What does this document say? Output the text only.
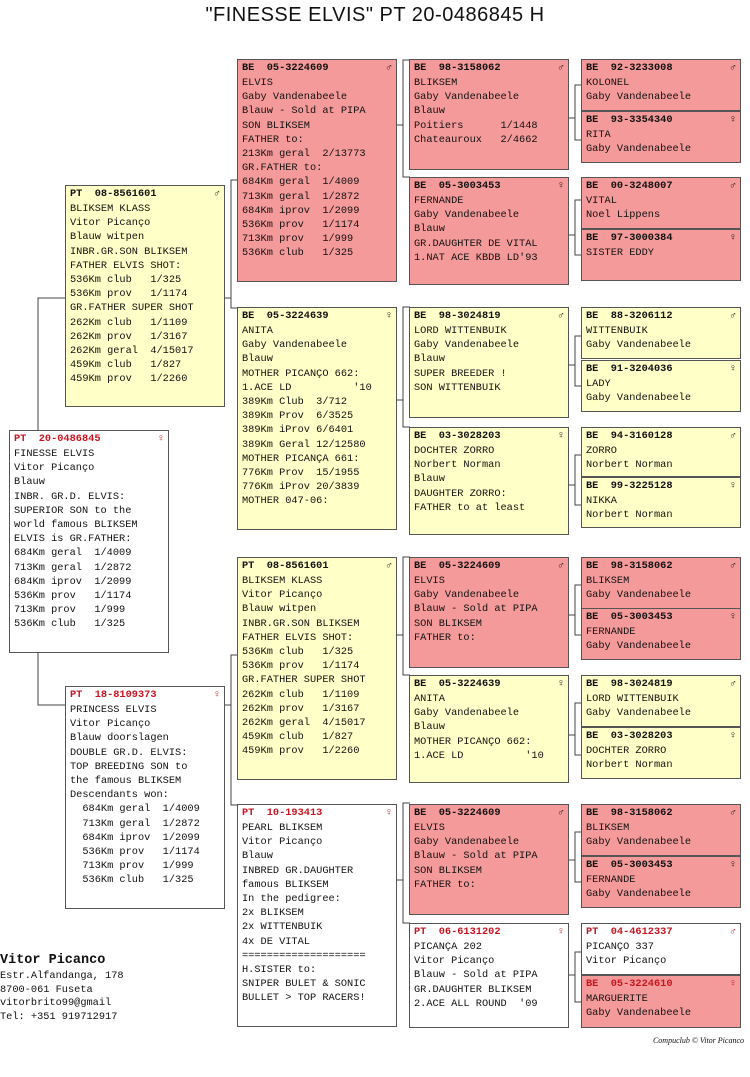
"FINESSE ELVIS" PT 20-0486845 H
PT  20-0486845	♀
FINESSE ELVIS
Vitor Picanço
Blauw
INBR. GR.D. ELVIS:
SUPERIOR SON to the
world famous BLIKSEM
ELVIS is GR.FATHER:
684Km geral  1/4009
713Km geral  1/2872
684Km iprov  1/2099
536Km prov   1/1174
713Km prov   1/999
536Km club   1/325
PT  08-8561601	♂
BLIKSEM KLASS
Vitor Picanço
Blauw witpen
INBR.GR.SON BLIKSEM
FATHER ELVIS SHOT:
536Km club   1/325
536Km prov   1/1174
GR.FATHER SUPER SHOT
262Km club   1/1109
262Km prov   1/3167
262Km geral  4/15017
459Km club   1/827
459Km prov   1/2260
PT  18-8109373	♀
PRINCESS ELVIS
Vitor Picanço
Blauw doorslagen
DOUBLE GR.D. ELVIS:
TOP BREEDING SON to
the famous BLIKSEM
Descendants won:
684Km geral  1/4009
713Km geral  1/2872
684Km iprov  1/2099
536Km prov   1/1174
713Km prov   1/999
536Km club   1/325
BE  05-3224609	♂
ELVIS
Gaby Vandenabeele
Blauw - Sold at PIPA
SON BLIKSEM
FATHER to:
213Km geral  2/13773
GR.FATHER to:
684Km geral  1/4009
713Km geral  1/2872
684Km iprov  1/2099
536Km prov   1/1174
713Km prov   1/999
536Km club   1/325
BE  05-3224639	♀
ANITA
Gaby Vandenabeele
Blauw
MOTHER PICANÇO 662:
1.ACE LD          '10
389Km Club  3/712
389Km Prov  6/3525
389Km iProv 6/6401
389Km Geral 12/12580
MOTHER PICANÇA 661:
776Km Prov  15/1955
776Km iProv 20/3839
MOTHER 047-06:
PT  08-8561601	♂
BLIKSEM KLASS
Vitor Picanço
Blauw witpen
INBR.GR.SON BLIKSEM
FATHER ELVIS SHOT:
536Km club   1/325
536Km prov   1/1174
GR.FATHER SUPER SHOT
262Km club   1/1109
262Km prov   1/3167
262Km geral  4/15017
459Km club   1/827
459Km prov   1/2260
PT  10-193413	♀
PEARL BLIKSEM
Vitor Picanço
Blauw
INBRED GR.DAUGHTER
famous BLIKSEM
In the pedigree:
2x BLIKSEM
2x WITTENBUIK
4x DE VITAL
====================
H.SISTER to:
SNIPER BULET & SONIC
BULLET > TOP RACERS!
BE  98-3158062	♂
BLIKSEM
Gaby Vandenabeele
Blauw
Poitiers      1/1448
Chateauroux   2/4662
BE  05-3003453	♀
FERNANDE
Gaby Vandenabeele
Blauw
GR.DAUGHTER DE VITAL
1.NAT ACE KBDB LD'93
BE  98-3024819	♂
LORD WITTENBUIK
Gaby Vandenabeele
Blauw
SUPER BREEDER !
SON WITTENBUIK
BE  03-3028203	♀
DOCHTER ZORRO
Norbert Norman
Blauw
DAUGHTER ZORRO:
FATHER to at least
BE  05-3224609	♂
ELVIS
Gaby Vandenabeele
Blauw - Sold at PIPA
SON BLIKSEM
FATHER to:
BE  05-3224639	♀
ANITA
Gaby Vandenabeele
Blauw
MOTHER PICANÇO 662:
1.ACE LD          '10
BE  05-3224609	♂
ELVIS
Gaby Vandenabeele
Blauw - Sold at PIPA
SON BLIKSEM
FATHER to:
PT  06-6131202	♀
PICANÇA 202
Vitor Picanço
Blauw - Sold at PIPA
GR.DAUGHTER BLIKSEM
2.ACE ALL ROUND  '09
BE  92-3233008	♂
KOLONEL
Gaby Vandenabeele
BE  93-3354340	♀
RITA
Gaby Vandenabeele
BE  00-3248007	♂
VITAL
Noel Lippens
BE  97-3000384	♀
SISTER EDDY
BE  88-3206112	♂
WITTENBUIK
Gaby Vandenabeele
BE  91-3204036	♀
LADY
Gaby Vandenabeele
BE  94-3160128	♂
ZORRO
Norbert Norman
BE  99-3225128	♀
NIKKA
Norbert Norman
BE  98-3158062	♂
BLIKSEM
Gaby Vandenabeele
BE  05-3003453	♀
FERNANDE
Gaby Vandenabeele
BE  98-3024819	♂
LORD WITTENBUIK
Gaby Vandenabeele
BE  03-3028203	♀
DOCHTER ZORRO
Norbert Norman
BE  98-3158062	♂
BLIKSEM
Gaby Vandenabeele
BE  05-3003453	♀
FERNANDE
Gaby Vandenabeele
PT  04-4612337	♂
PICANÇO 337
Vitor Picanço
BE  05-3224610	♀
MARGUERITE
Gaby Vandenabeele
Vitor Picanco
Estr.Alfandanga, 178
8700-061 Fuseta
vitorbrito99@gmail
Tel: +351 919712917
Compuclub © Vitor Picanco
